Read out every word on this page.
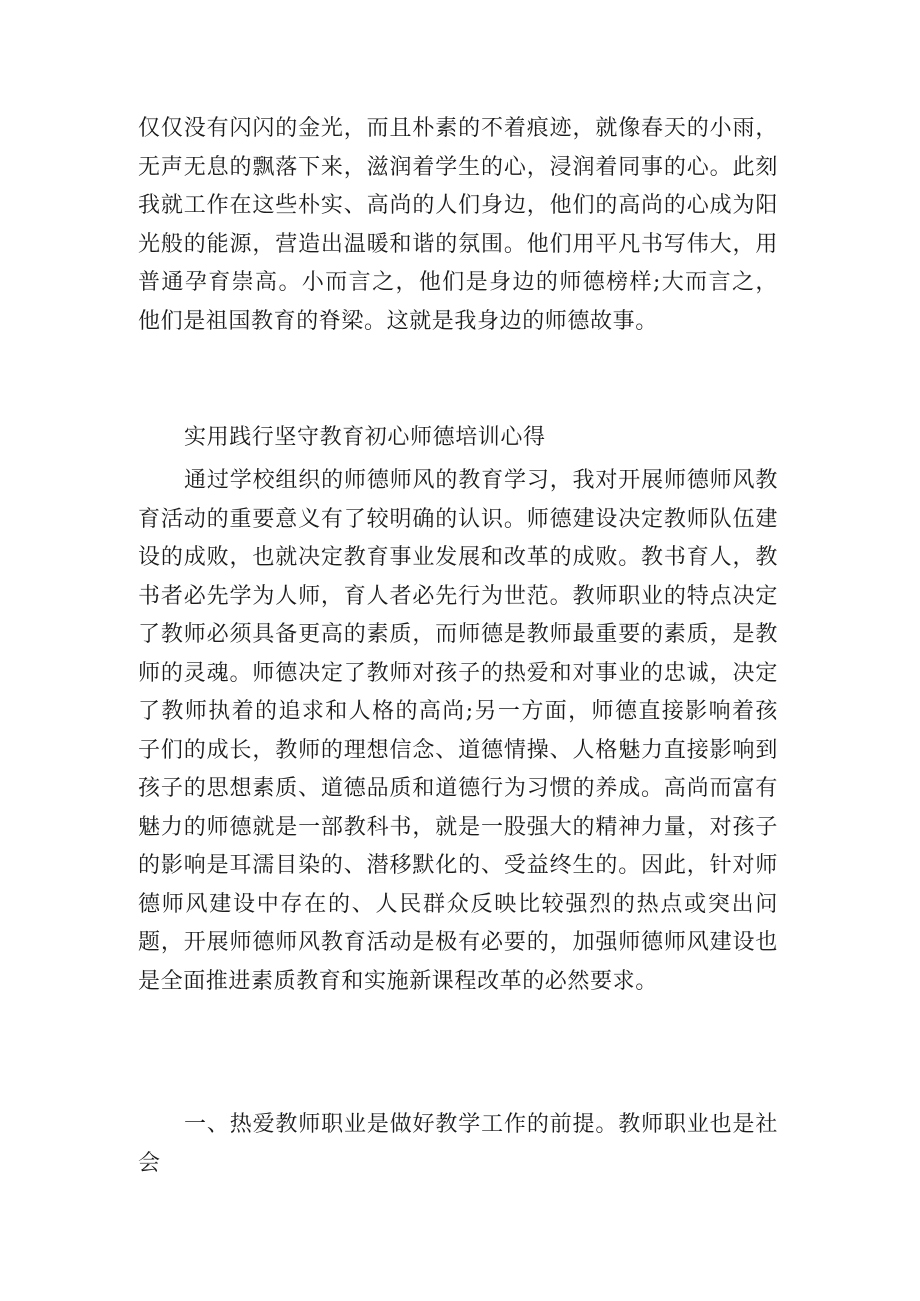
仅仅没有闪闪的金光，而且朴素的不着痕迹，就像春天的小雨，无声无息的飘落下来，滋润着学生的心，浸润着同事的心。此刻我就工作在这些朴实、高尚的人们身边，他们的高尚的心成为阳光般的能源，营造出温暖和谐的氛围。他们用平凡书写伟大，用普通孕育崇高。小而言之，他们是身边的师德榜样;大而言之，他们是祖国教育的脊梁。这就是我身边的师德故事。

实用践行坚守教育初心师德培训心得

通过学校组织的师德师风的教育学习，我对开展师德师风教育活动的重要意义有了较明确的认识。师德建设决定教师队伍建设的成败，也就决定教育事业发展和改革的成败。教书育人，教书者必先学为人师，育人者必先行为世范。教师职业的特点决定了教师必须具备更高的素质，而师德是教师最重要的素质，是教师的灵魂。师德决定了教师对孩子的热爱和对事业的忠诚，决定了教师执着的追求和人格的高尚;另一方面，师德直接影响着孩子们的成长，教师的理想信念、道德情操、人格魅力直接影响到孩子的思想素质、道德品质和道德行为习惯的养成。高尚而富有魅力的师德就是一部教科书，就是一股强大的精神力量，对孩子的影响是耳濡目染的、潜移默化的、受益终生的。因此，针对师德师风建设中存在的、人民群众反映比较强烈的热点或突出问题，开展师德师风教育活动是极有必要的，加强师德师风建设也是全面推进素质教育和实施新课程改革的必然要求。

一、热爱教师职业是做好教学工作的前提。教师职业也是社会
